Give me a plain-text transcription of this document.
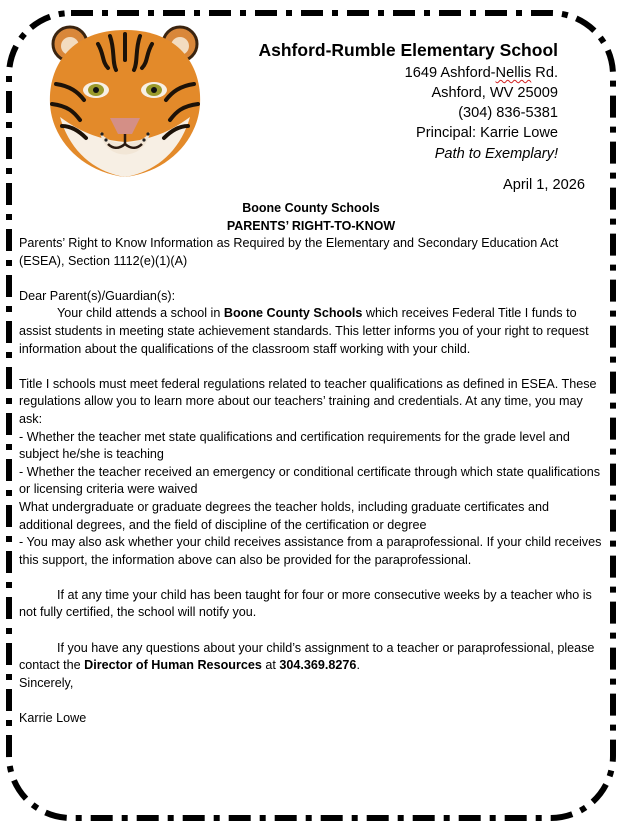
Ashford-Rumble Elementary School
1649 Ashford-Nellis Rd.
Ashford, WV 25009
(304) 836-5381
Principal: Karrie Lowe
Path to Exemplary!
April 1, 2026
Boone County Schools
PARENTS’ RIGHT-TO-KNOW

Parents’ Right to Know Information as Required by the Elementary and Secondary Education Act (ESEA), Section 1112(e)(1)(A)

Dear Parent(s)/Guardian(s):

Your child attends a school in Boone County Schools which receives Federal Title I funds to assist students in meeting state achievement standards. This letter informs you of your right to request information about the qualifications of the classroom staff working with your child.

Title I schools must meet federal regulations related to teacher qualifications as defined in ESEA. These regulations allow you to learn more about our teachers’ training and credentials. At any time, you may ask:

- Whether the teacher met state qualifications and certification requirements for the grade level and subject he/she is teaching

- Whether the teacher received an emergency or conditional certificate through which state qualifications or licensing criteria were waived

What undergraduate or graduate degrees the teacher holds, including graduate certificates and additional degrees, and the field of discipline of the certification or degree

- You may also ask whether your child receives assistance from a paraprofessional. If your child receives this support, the information above can also be provided for the paraprofessional.

If at any time your child has been taught for four or more consecutive weeks by a teacher who is not fully certified, the school will notify you.

If you have any questions about your child’s assignment to a teacher or paraprofessional, please contact the Director of Human Resources at 304.369.8276.

Sincerely,

Karrie Lowe
